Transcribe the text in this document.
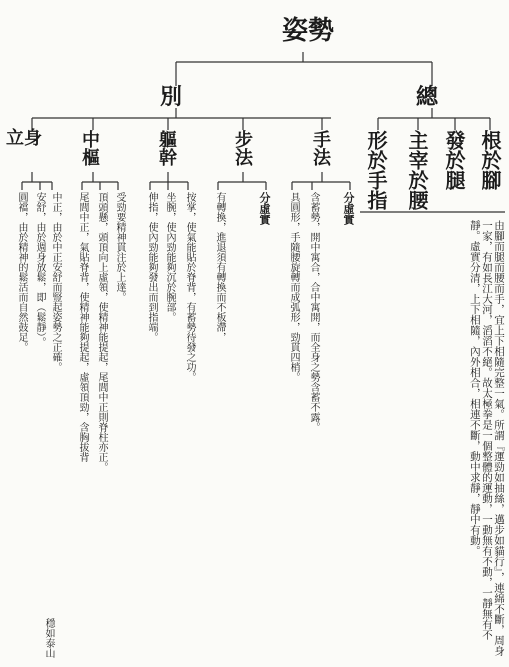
姿勢
別	總
立身 中樞	軀幹	步法	手法 形於手指 主宰於腰 發於腿 根於腳
圓襠，由於精神的鬆活而自然鼓足。 安舒，由於週身放鬆，即（鬆靜）。 中正，由於中正安舒而豎起姿勢之正確。
穩如泰山
尾閭中正，氣貼脊背，使精神能夠提起，虛領頂勁，含胸拔背 頂頭懸，頭頂向上虛領，使精神能提起，尾閭中正則脊柱亦正。 受勁要精神貫注於上達。	伸指，使內勁能夠發出而到指端。 坐腕，使內勁能夠沉於腕部。 按掌，使氣能貼於脊背，有蓄勢待發之功。	有轉換，進退須有轉換而不板滯，	分虛實	具圓形，手隨腰旋轉而成弧形，勁貫四梢。 含蓄勢，開中寓合，合中寓開，而全身之勢含蓄不露。 分虛實
由腳而腿而腰而手，宜上下相隨完整一氣。所謂『運勁如抽絲，邁步如貓行』，連綿不斷，周身一家，有如長江大河，滔滔不絕。故太極拳是一個整體的運動，一動無有不動，一靜無有不靜。虛實分清，上下相隨，內外相合，相連不斷，動中求靜，靜中有動。
